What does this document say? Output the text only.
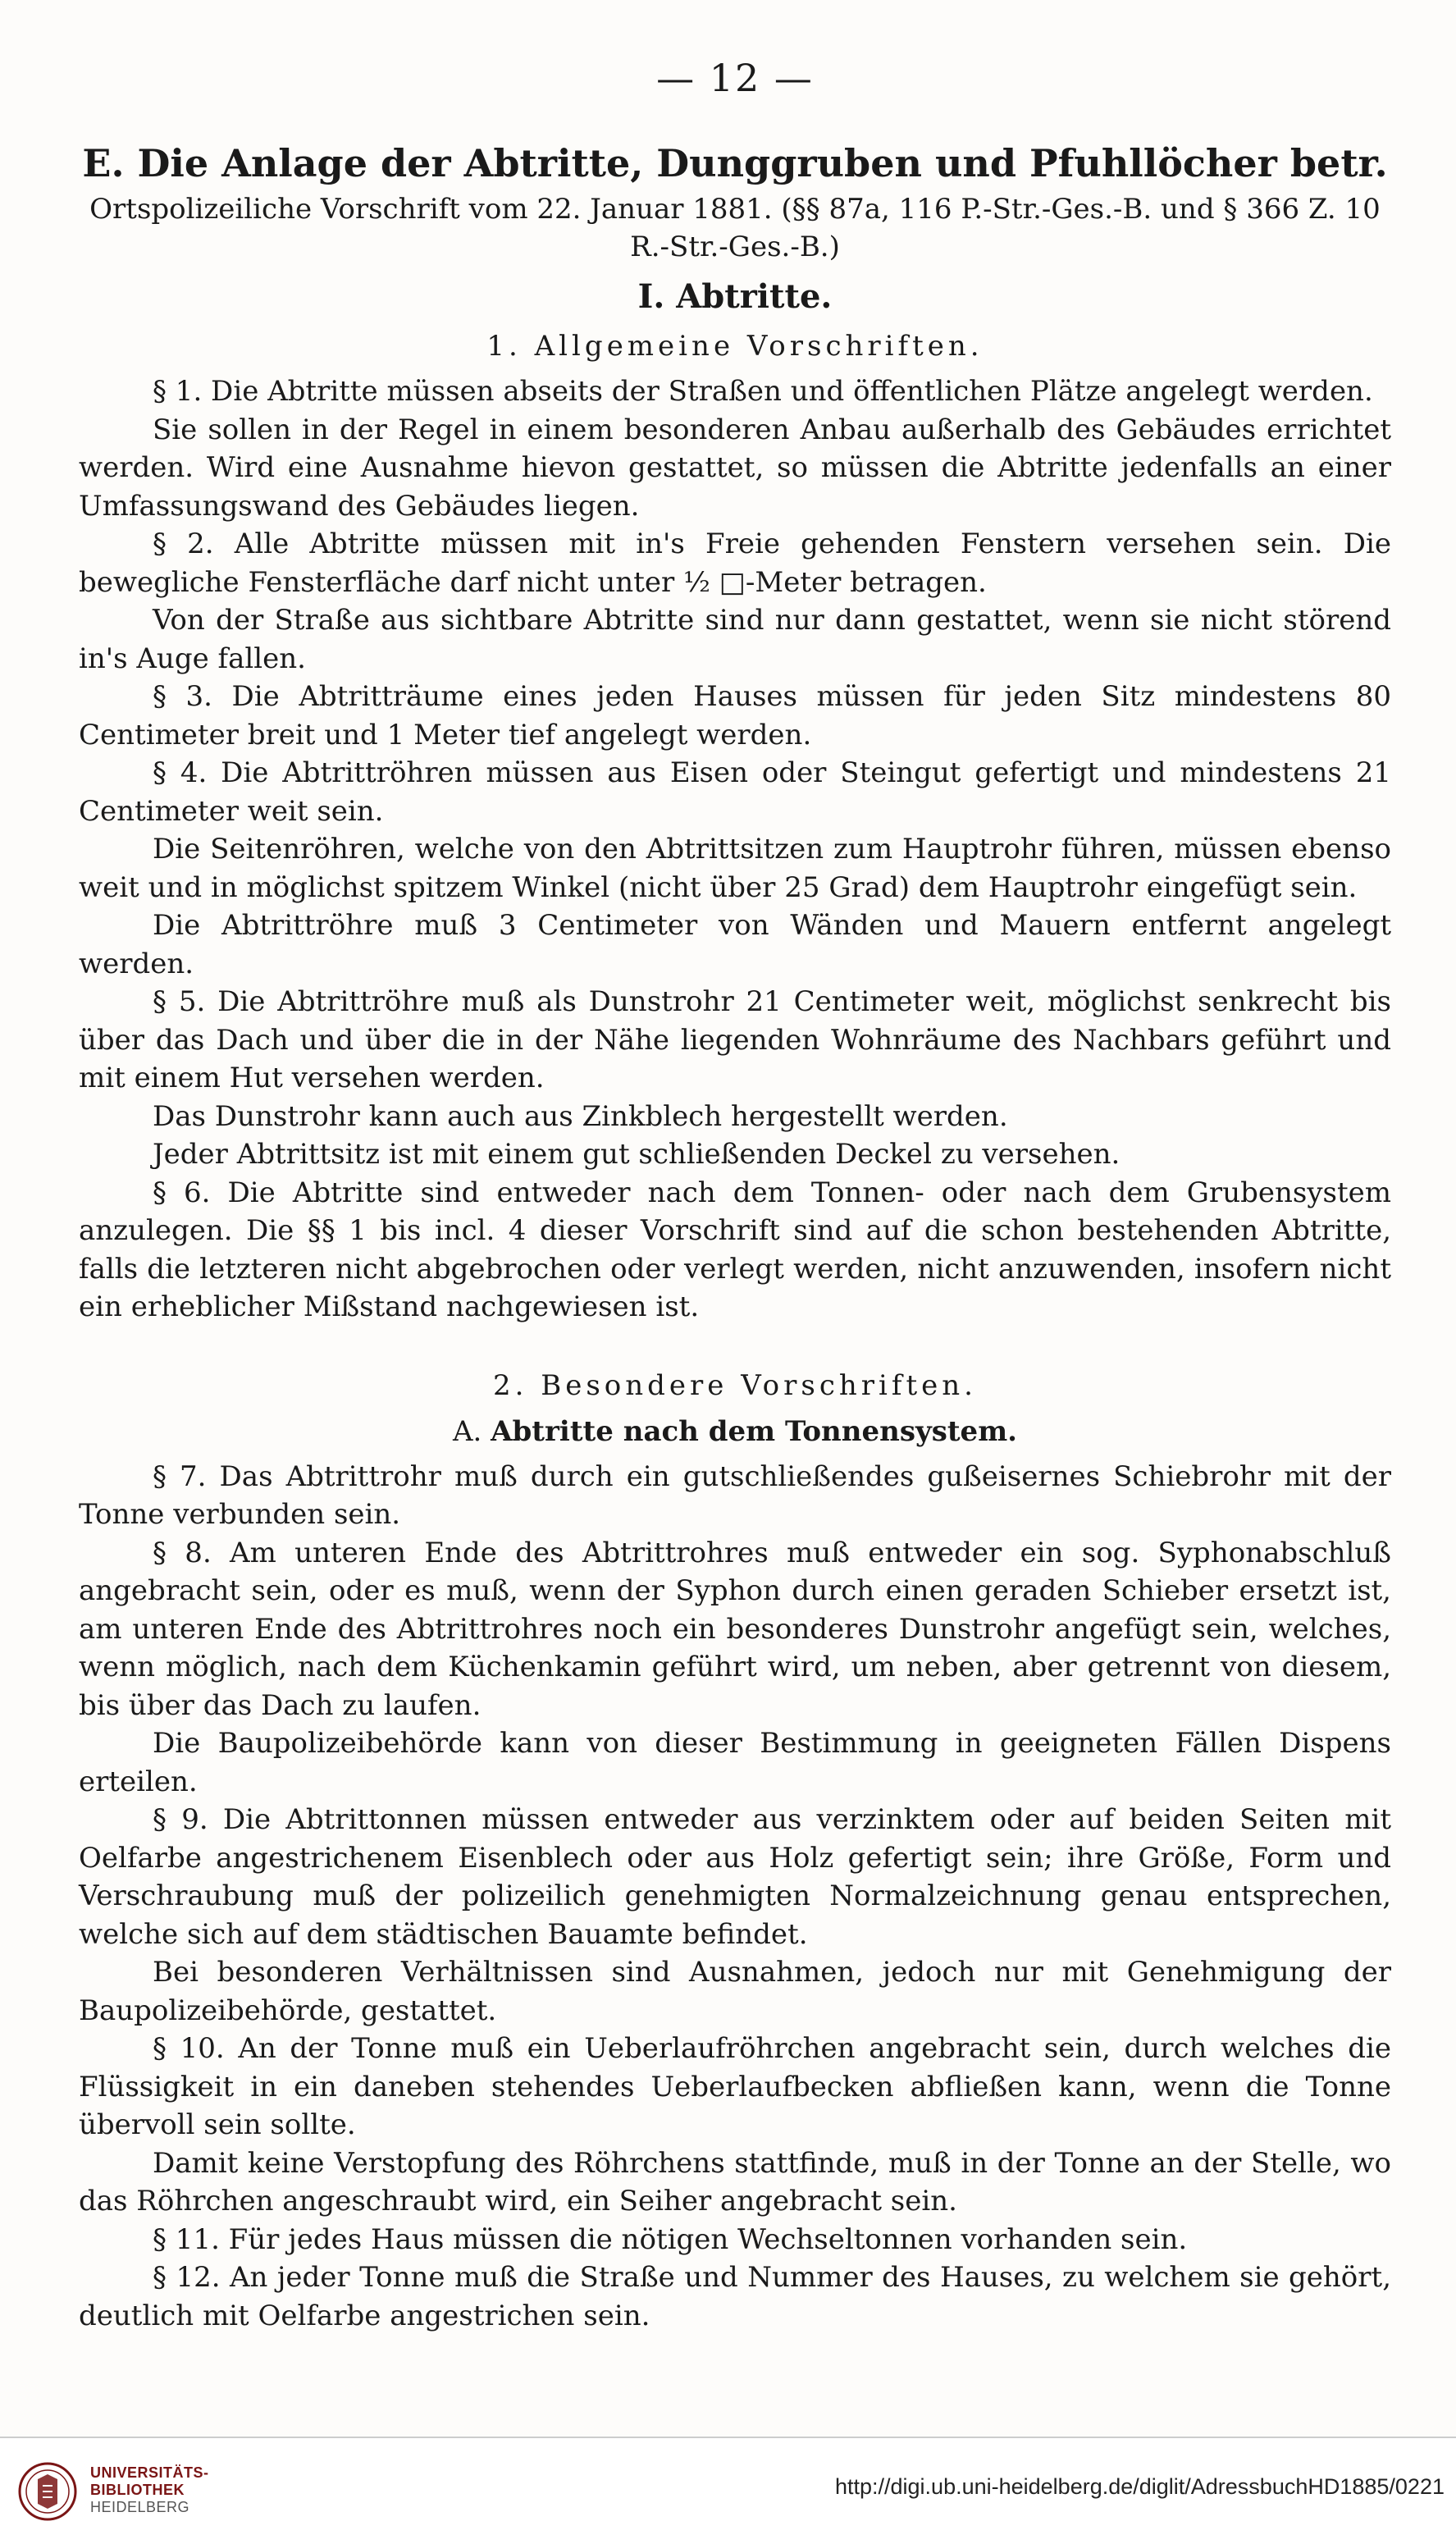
— 12 —
E. Die Anlage der Abtritte, Dunggruben und Pfuhllöcher betr.
Ortspolizeiliche Vorschrift vom 22. Januar 1881. (§§ 87a, 116 P.-Str.-Ges.-B. und § 366 Z. 10 R.-Str.-Ges.-B.)
I. Abtritte.
1. Allgemeine Vorschriften.

§ 1. Die Abtritte müssen abseits der Straßen und öffentlichen Plätze angelegt werden.

Sie sollen in der Regel in einem besonderen Anbau außerhalb des Gebäudes errichtet werden. Wird eine Ausnahme hievon gestattet, so müssen die Abtritte jedenfalls an einer Umfassungswand des Gebäudes liegen.

§ 2. Alle Abtritte müssen mit in's Freie gehenden Fenstern versehen sein. Die bewegliche Fensterfläche darf nicht unter ½ □-Meter betragen.

Von der Straße aus sichtbare Abtritte sind nur dann gestattet, wenn sie nicht störend in's Auge fallen.

§ 3. Die Abtritträume eines jeden Hauses müssen für jeden Sitz mindestens 80 Centimeter breit und 1 Meter tief angelegt werden.

§ 4. Die Abtrittröhren müssen aus Eisen oder Steingut gefertigt und mindestens 21 Centimeter weit sein.

Die Seitenröhren, welche von den Abtrittsitzen zum Hauptrohr führen, müssen ebenso weit und in möglichst spitzem Winkel (nicht über 25 Grad) dem Hauptrohr eingefügt sein.

Die Abtrittröhre muß 3 Centimeter von Wänden und Mauern entfernt angelegt werden.

§ 5. Die Abtrittröhre muß als Dunstrohr 21 Centimeter weit, möglichst senkrecht bis über das Dach und über die in der Nähe liegenden Wohnräume des Nachbars geführt und mit einem Hut versehen werden.

Das Dunstrohr kann auch aus Zinkblech hergestellt werden.

Jeder Abtrittsitz ist mit einem gut schließenden Deckel zu versehen.

§ 6. Die Abtritte sind entweder nach dem Tonnen- oder nach dem Grubensystem anzulegen. Die §§ 1 bis incl. 4 dieser Vorschrift sind auf die schon bestehenden Abtritte, falls die letzteren nicht abgebrochen oder verlegt werden, nicht anzuwenden, insofern nicht ein erheblicher Mißstand nachgewiesen ist.

2. Besondere Vorschriften.
A. Abtritte nach dem Tonnensystem.

§ 7. Das Abtrittrohr muß durch ein gutschließendes gußeisernes Schiebrohr mit der Tonne verbunden sein.

§ 8. Am unteren Ende des Abtrittrohres muß entweder ein sog. Syphonabschluß angebracht sein, oder es muß, wenn der Syphon durch einen geraden Schieber ersetzt ist, am unteren Ende des Abtrittrohres noch ein besonderes Dunstrohr angefügt sein, welches, wenn möglich, nach dem Küchenkamin geführt wird, um neben, aber getrennt von diesem, bis über das Dach zu laufen.

Die Baupolizeibehörde kann von dieser Bestimmung in geeigneten Fällen Dispens erteilen.

§ 9. Die Abtrittonnen müssen entweder aus verzinktem oder auf beiden Seiten mit Oelfarbe angestrichenem Eisenblech oder aus Holz gefertigt sein; ihre Größe, Form und Verschraubung muß der polizeilich genehmigten Normalzeichnung genau entsprechen, welche sich auf dem städtischen Bauamte befindet.

Bei besonderen Verhältnissen sind Ausnahmen, jedoch nur mit Genehmigung der Baupolizeibehörde, gestattet.

§ 10. An der Tonne muß ein Ueberlaufröhrchen angebracht sein, durch welches die Flüssigkeit in ein daneben stehendes Ueberlaufbecken abfließen kann, wenn die Tonne übervoll sein sollte.

Damit keine Verstopfung des Röhrchens stattfinde, muß in der Tonne an der Stelle, wo das Röhrchen angeschraubt wird, ein Seiher angebracht sein.

§ 11. Für jedes Haus müssen die nötigen Wechseltonnen vorhanden sein.

§ 12. An jeder Tonne muß die Straße und Nummer des Hauses, zu welchem sie gehört, deutlich mit Oelfarbe angestrichen sein.

UNIVERSITÄTS-
BIBLIOTHEK
HEIDELBERG
http://digi.ub.uni-heidelberg.de/diglit/AdressbuchHD1885/0221
